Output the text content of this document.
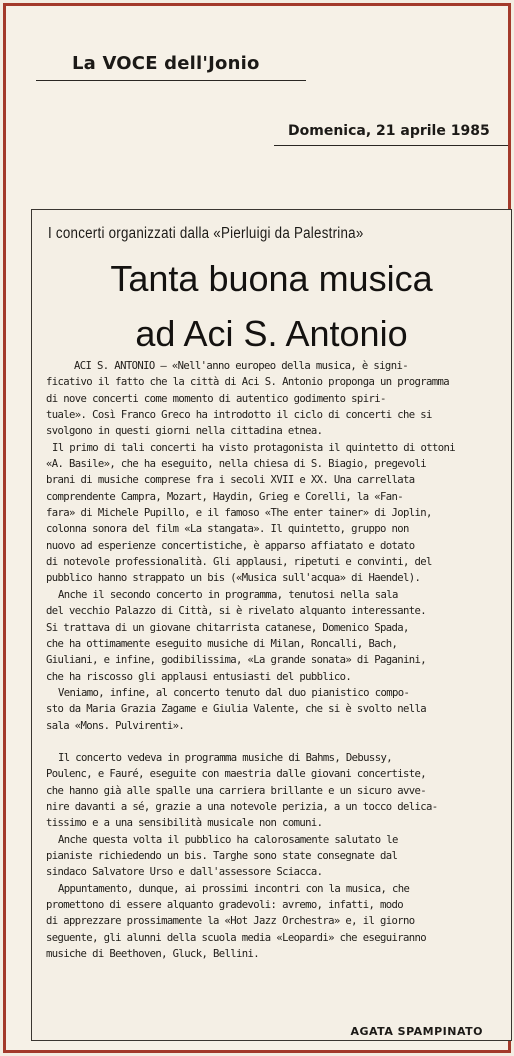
La VOCE dell'Jonio
Domenica, 21 aprile 1985
I concerti organizzati dalla «Pierluigi da Palestrina»
Tanta buona musica
ad Aci S. Antonio

ACI S. ANTONIO — «Nell'anno europeo della musica, è signi-

ficativo il fatto che la città di Aci S. Antonio proponga un programma

di nove concerti come momento di autentico godimento spiri-

tuale». Così Franco Greco ha introdotto il ciclo di concerti che si

svolgono in questi giorni nella cittadina etnea.

Il primo di tali concerti ha visto protagonista il quintetto di ottoni

«A. Basile», che ha eseguito, nella chiesa di S. Biagio, pregevoli

brani di musiche comprese fra i secoli XVII e XX. Una carrellata

comprendente Campra, Mozart, Haydin, Grieg e Corelli, la «Fan-

fara» di Michele Pupillo, e il famoso «The enter tainer» di Joplin,

colonna sonora del film «La stangata». Il quintetto, gruppo non

nuovo ad esperienze concertistiche, è apparso affiatato e dotato

di notevole professionalità. Gli applausi, ripetuti e convinti, del

pubblico hanno strappato un bis («Musica sull'acqua» di Haendel).

Anche il secondo concerto in programma, tenutosi nella sala

del vecchio Palazzo di Città, si è rivelato alquanto interessante.

Si trattava di un giovane chitarrista catanese, Domenico Spada,

che ha ottimamente eseguito musiche di Milan, Roncalli, Bach,

Giuliani, e infine, godibilissima, «La grande sonata» di Paganini,

che ha riscosso gli applausi entusiasti del pubblico.

Veniamo, infine, al concerto tenuto dal duo pianistico compo-

sto da Maria Grazia Zagame e Giulia Valente, che si è svolto nella

sala «Mons. Pulvirenti».

Il concerto vedeva in programma musiche di Bahms, Debussy,

Poulenc, e Fauré, eseguite con maestria dalle giovani concertiste,

che hanno già alle spalle una carriera brillante e un sicuro avve-

nire davanti a sé, grazie a una notevole perizia, a un tocco delica-

tissimo e a una sensibilità musicale non comuni.

Anche questa volta il pubblico ha calorosamente salutato le

pianiste richiedendo un bis. Targhe sono state consegnate dal

sindaco Salvatore Urso e dall'assessore Sciacca.

Appuntamento, dunque, ai prossimi incontri con la musica, che

promettono di essere alquanto gradevoli: avremo, infatti, modo

di apprezzare prossimamente la «Hot Jazz Orchestra» e, il giorno

seguente, gli alunni della scuola media «Leopardi» che eseguiranno

musiche di Beethoven, Gluck, Bellini.

AGATA SPAMPINATO
